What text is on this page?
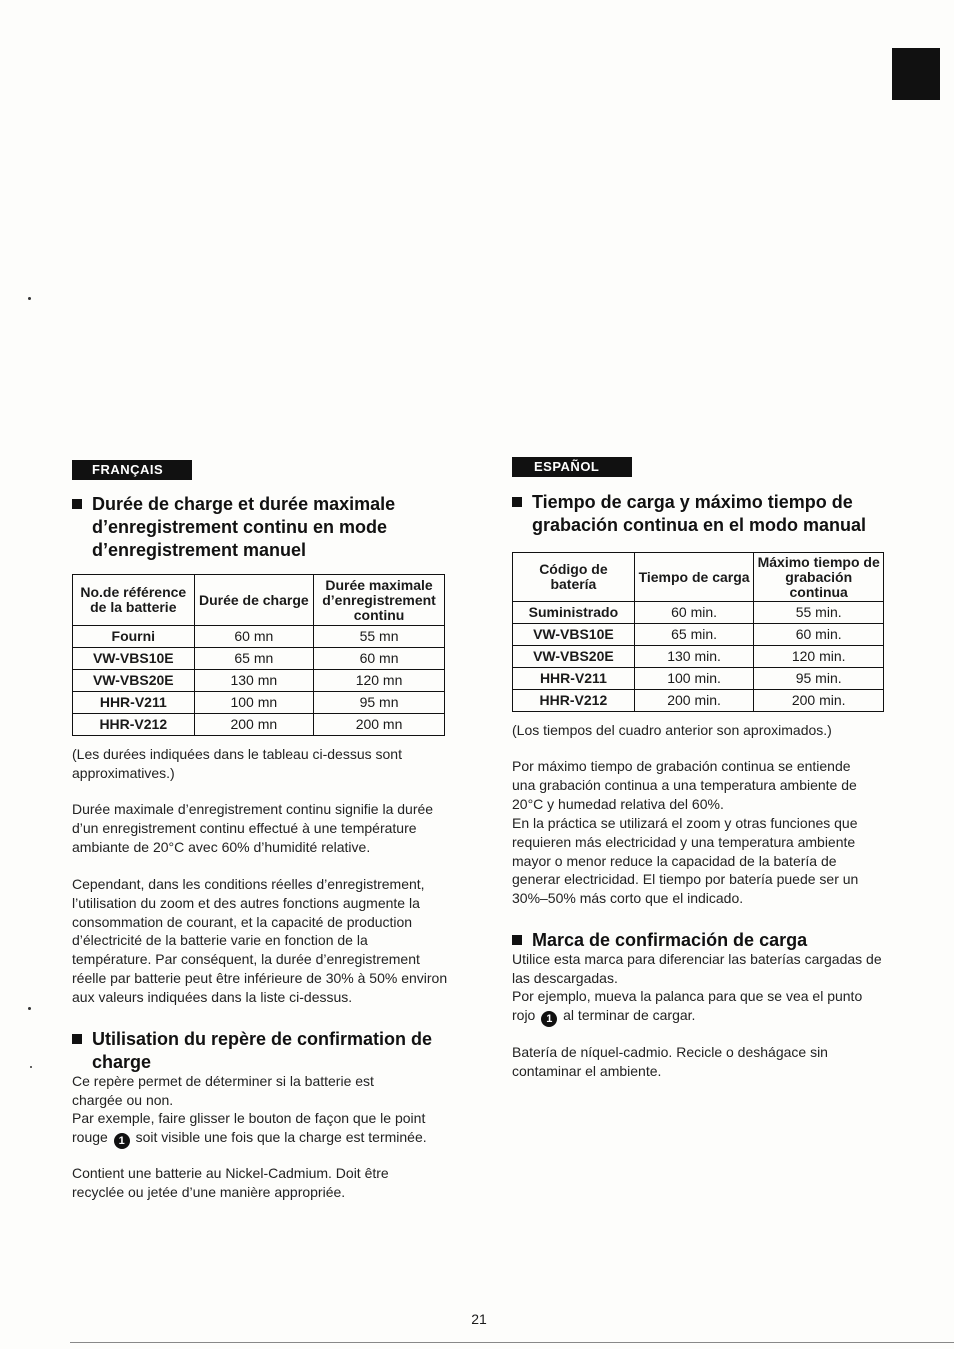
FRANÇAIS
Durée de charge et durée maximale d’enregistrement continu en mode d’enregistrement manuel
No.de référence de la batterie	Durée de charge	Durée maximale d’enregistrement continu
Fourni	60 mn	55 mn
VW-VBS10E	65 mn	60 mn
VW-VBS20E	130 mn	120 mn
HHR-V211	100 mn	95 mn
HHR-V212	200 mn	200 mn
(Les durées indiquées dans le tableau ci-dessus sont approximatives.)
Durée maximale d’enregistrement continu signifie la durée d’un enregistrement continu effectué à une température ambiante de 20°C avec 60% d’humidité relative.
Cependant, dans les conditions réelles d’enregistrement, l’utilisation du zoom et des autres fonctions augmente la consommation de courant, et la capacité de production d’électricité de la batterie varie en fonction de la température. Par conséquent, la durée d’enregistrement réelle par batterie peut être inférieure de 30% à 50% environ aux valeurs indiquées dans la liste ci-dessus.
Utilisation du repère de confirmation de charge
Ce repère permet de déterminer si la batterie est chargée ou non.
Par exemple, faire glisser le bouton de façon que le point rouge 1 soit visible une fois que la charge est terminée.
Contient une batterie au Nickel-Cadmium. Doit être recyclée ou jetée d’une manière appropriée.
ESPAÑOL
Tiempo de carga y máximo tiempo de grabación continua en el modo manual
Código de batería	Tiempo de carga	Máximo tiempo de grabación continua
Suministrado	60 min.	55 min.
VW-VBS10E	65 min.	60 min.
VW-VBS20E	130 min.	120 min.
HHR-V211	100 min.	95 min.
HHR-V212	200 min.	200 min.
(Los tiempos del cuadro anterior son aproximados.)
Por máximo tiempo de grabación continua se entiende una grabación continua a una temperatura ambiente de 20°C y humedad relativa del 60%.
En la práctica se utilizará el zoom y otras funciones que requieren más electricidad y una temperatura ambiente mayor o menor reduce la capacidad de la batería de generar electricidad. El tiempo por batería puede ser un 30%–50% más corto que el indicado.
Marca de confirmación de carga
Utilice esta marca para diferenciar las baterías cargadas de las descargadas.
Por ejemplo, mueva la palanca para que se vea el punto rojo 1 al terminar de cargar.
Batería de níquel-cadmio. Recicle o deshágace sin contaminar el ambiente.
21
